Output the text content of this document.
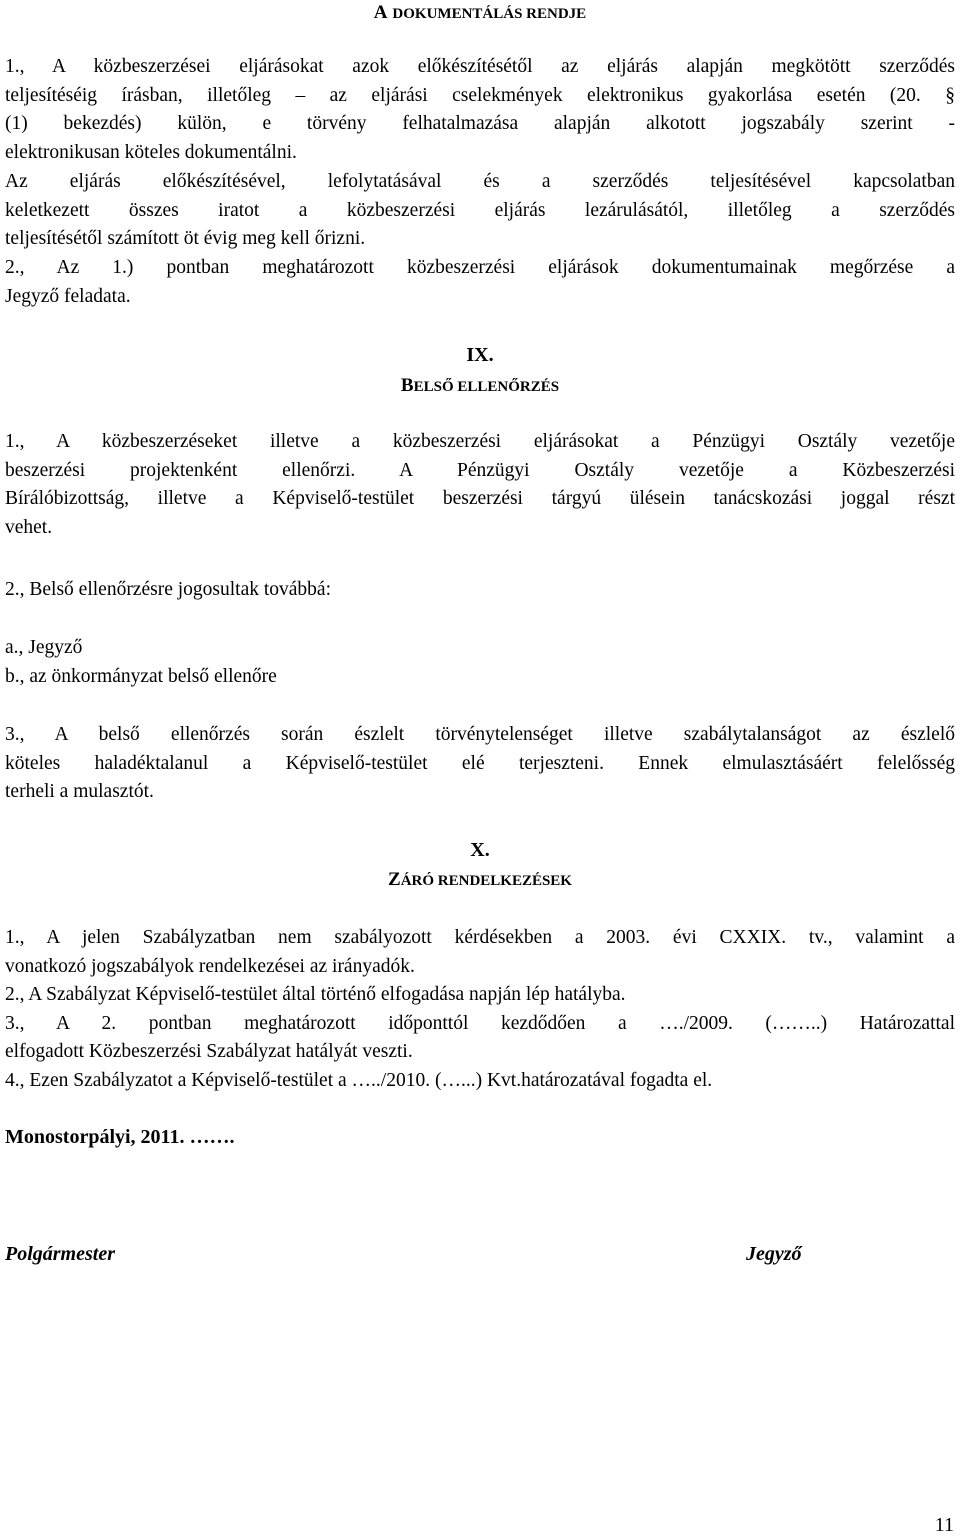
A DOKUMENTÁLÁS RENDJE
1., A közbeszerzései eljárásokat azok előkészítésétől az eljárás alapján megkötött szerződés
teljesítéséig írásban, illetőleg – az eljárási cselekmények elektronikus gyakorlása esetén (20. §
(1) bekezdés) külön, e törvény felhatalmazása alapján alkotott jogszabály szerint -
elektronikusan köteles dokumentálni.
Az eljárás előkészítésével, lefolytatásával és a szerződés teljesítésével kapcsolatban
keletkezett összes iratot a közbeszerzési eljárás lezárulásától, illetőleg a szerződés
teljesítésétől számított öt évig meg kell őrizni.
2., Az 1.) pontban meghatározott közbeszerzési eljárások dokumentumainak megőrzése a
Jegyző feladata.
IX.
BELSŐ ELLENŐRZÉS
1., A közbeszerzéseket illetve a közbeszerzési eljárásokat a Pénzügyi Osztály vezetője
beszerzési projektenként ellenőrzi. A Pénzügyi Osztály vezetője a Közbeszerzési
Bírálóbizottság, illetve a Képviselő-testület beszerzési tárgyú ülésein tanácskozási joggal részt
vehet.
2., Belső ellenőrzésre jogosultak továbbá:
a., Jegyző
b., az önkormányzat belső ellenőre
3., A belső ellenőrzés során észlelt törvénytelenséget illetve szabálytalanságot az észlelő
köteles haladéktalanul a Képviselő-testület elé terjeszteni. Ennek elmulasztásáért felelősség
terheli a mulasztót.
X.
ZÁRÓ RENDELKEZÉSEK
1., A jelen Szabályzatban nem szabályozott kérdésekben a 2003. évi CXXIX. tv., valamint a
vonatkozó jogszabályok rendelkezései az irányadók.
2., A Szabályzat Képviselő-testület által történő elfogadása napján lép hatályba.
3., A 2. pontban meghatározott időponttól kezdődően a …./2009. (……..) Határozattal
elfogadott Közbeszerzési Szabályzat hatályát veszti.
4., Ezen Szabályzatot a Képviselő-testület a …../2010. (…...) Kvt.határozatával fogadta el.
Monostorpályi, 2011. …….
Polgármester	Jegyző
11
